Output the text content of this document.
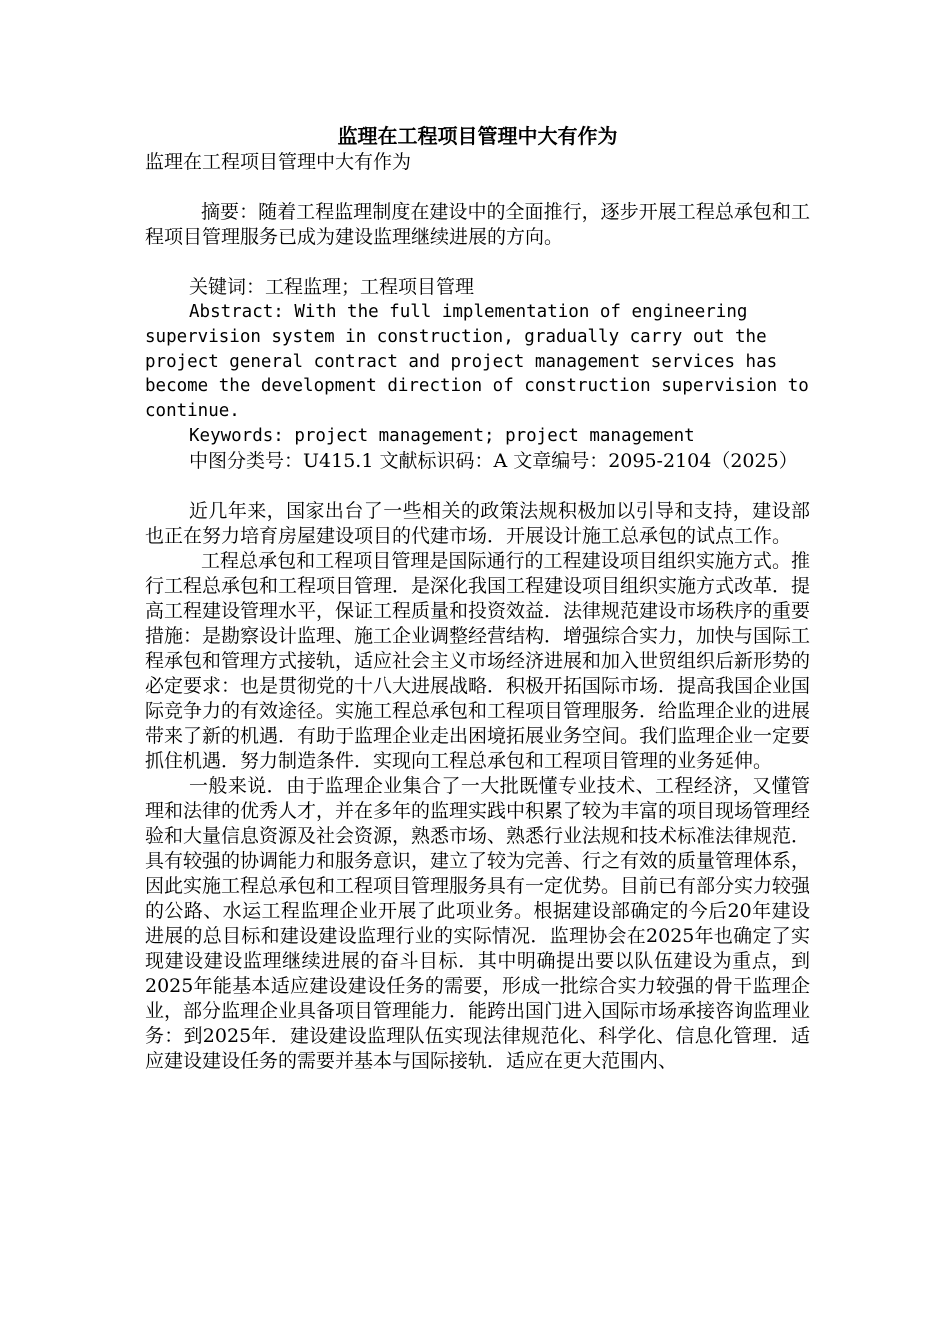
监理在工程项目管理中大有作为

监理在工程项目管理中大有作为

摘要：随着工程监理制度在建设中的全面推行，逐步开展工程总承包和工程项目管理服务已成为建设监理继续进展的方向。

关键词：工程监理；工程项目管理

Abstract: With the full implementation of engineering supervision system in construction, gradually carry out the project general contract and project management services has become the development direction of construction supervision to continue.

Keywords: project management; project management

中图分类号：U415.1 文献标识码：A 文章编号：2095-2104（2025）

近几年来，国家出台了一些相关的政策法规积极加以引导和支持，建设部也正在努力培育房屋建设项目的代建市场．开展设计施工总承包的试点工作。

工程总承包和工程项目管理是国际通行的工程建设项目组织实施方式。推行工程总承包和工程项目管理．是深化我国工程建设项目组织实施方式改革．提高工程建设管理水平，保证工程质量和投资效益．法律规范建设市场秩序的重要措施：是勘察设计监理、施工企业调整经营结构．增强综合实力，加快与国际工程承包和管理方式接轨，适应社会主义市场经济进展和加入世贸组织后新形势的必定要求：也是贯彻党的十八大进展战略．积极开拓国际市场．提高我国企业国际竞争力的有效途径。实施工程总承包和工程项目管理服务．给监理企业的进展带来了新的机遇．有助于监理企业走出困境拓展业务空间。我们监理企业一定要抓住机遇．努力制造条件．实现向工程总承包和工程项目管理的业务延伸。

一般来说．由于监理企业集合了一大批既懂专业技术、工程经济，又懂管理和法律的优秀人才，并在多年的监理实践中积累了较为丰富的项目现场管理经验和大量信息资源及社会资源，熟悉市场、熟悉行业法规和技术标准法律规范．具有较强的协调能力和服务意识，建立了较为完善、行之有效的质量管理体系，因此实施工程总承包和工程项目管理服务具有一定优势。目前已有部分实力较强的公路、水运工程监理企业开展了此项业务。根据建设部确定的今后20年建设进展的总目标和建设建设监理行业的实际情况．监理协会在2025年也确定了实现建设建设监理继续进展的奋斗目标．其中明确提出要以队伍建设为重点，到2025年能基本适应建设建设任务的需要，形成一批综合实力较强的骨干监理企业，部分监理企业具备项目管理能力．能跨出国门进入国际市场承接咨询监理业务：到2025年．建设建设监理队伍实现法律规范化、科学化、信息化管理．适应建设建设任务的需要并基本与国际接轨．适应在更大范围内、
